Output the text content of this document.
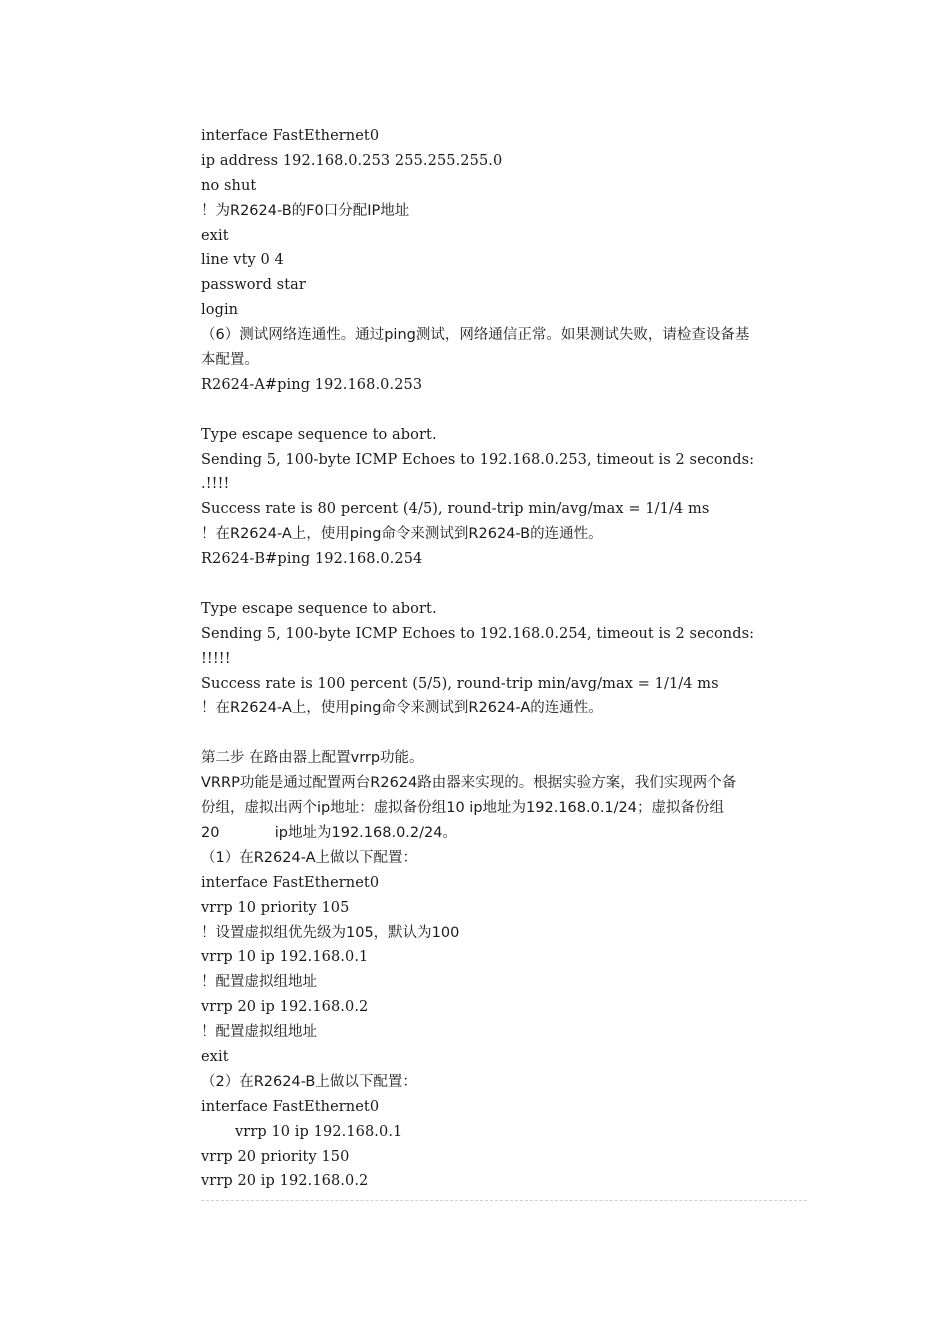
interface FastEthernet0
ip address 192.168.0.253 255.255.255.0
no shut
！为R2624-B的F0口分配IP地址
exit
line vty 0 4
password star
login
（6）测试网络连通性。通过ping测试，网络通信正常。如果测试失败，请检查设备基
本配置。
R2624-A#ping 192.168.0.253
Type escape sequence to abort.
Sending 5, 100-byte ICMP Echoes to 192.168.0.253, timeout is 2 seconds:
.!!!!
Success rate is 80 percent (4/5), round-trip min/avg/max = 1/1/4 ms
！在R2624-A上，使用ping命令来测试到R2624-B的连通性。
R2624-B#ping 192.168.0.254
Type escape sequence to abort.
Sending 5, 100-byte ICMP Echoes to 192.168.0.254, timeout is 2 seconds:
!!!!!
Success rate is 100 percent (5/5), round-trip min/avg/max = 1/1/4 ms
！在R2624-A上，使用ping命令来测试到R2624-A的连通性。
第二步 在路由器上配置vrrp功能。
VRRP功能是通过配置两台R2624路由器来实现的。根据实验方案，我们实现两个备
份组，虚拟出两个ip地址：虚拟备份组10 ip地址为192.168.0.1/24；虚拟备份组
20            ip地址为192.168.0.2/24。
（1）在R2624-A上做以下配置：
interface FastEthernet0
vrrp 10 priority 105
！设置虚拟组优先级为105，默认为100
vrrp 10 ip 192.168.0.1
！配置虚拟组地址
vrrp 20 ip 192.168.0.2
！配置虚拟组地址
exit
（2）在R2624-B上做以下配置：
interface FastEthernet0
vrrp 10 ip 192.168.0.1
vrrp 20 priority 150
vrrp 20 ip 192.168.0.2
